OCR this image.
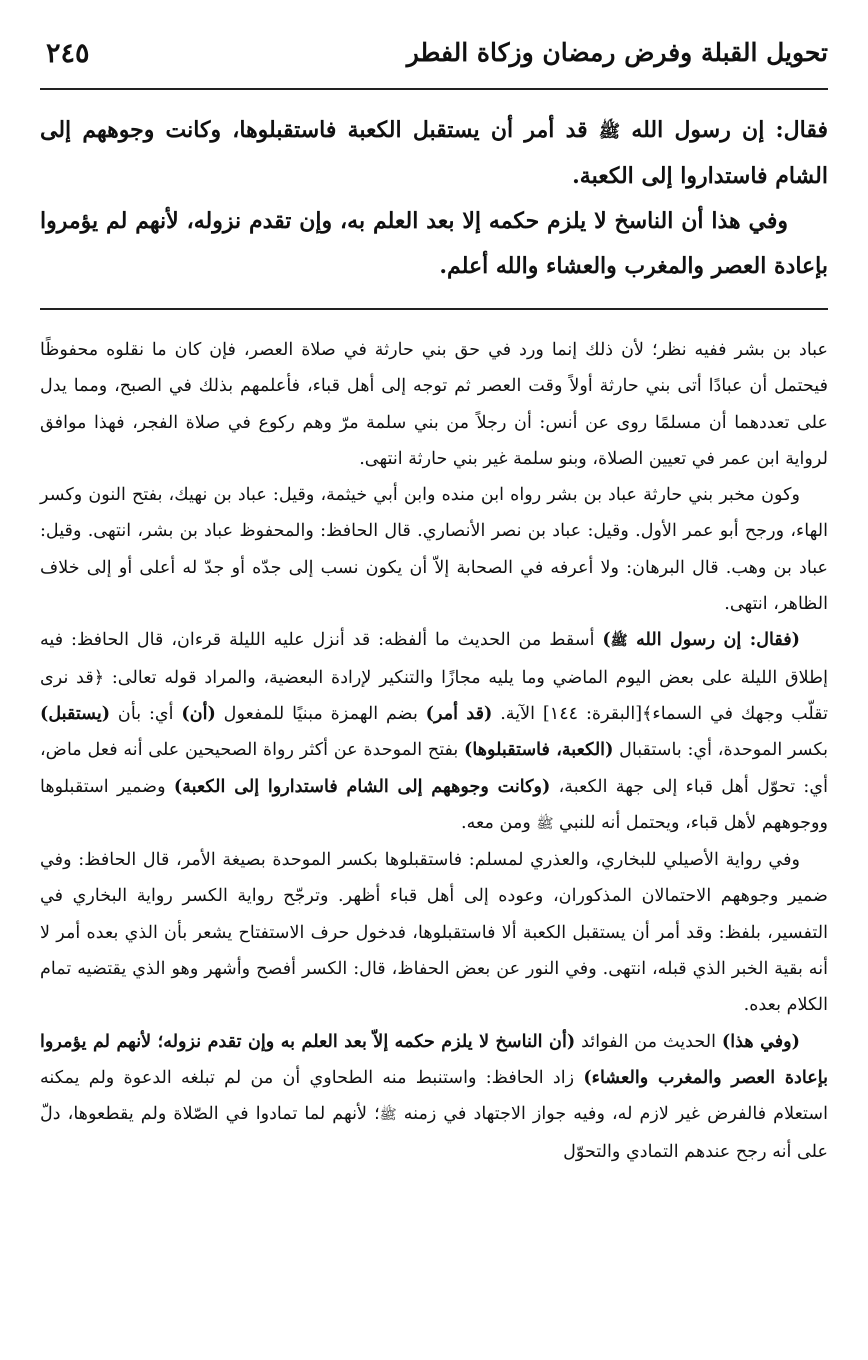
تحويل القبلة وفرض رمضان وزكاة الفطر
٢٤٥

فقال: إن رسول الله ﷺ قد أمر أن يستقبل الكعبة فاستقبلوها، وكانت وجوههم إلى الشام فاستداروا إلى الكعبة.

وفي هذا أن الناسخ لا يلزم حكمه إلا بعد العلم به، وإن تقدم نزوله، لأنهم لم يؤمروا بإعادة العصر والمغرب والعشاء والله أعلم.

عباد بن بشر ففيه نظر؛ لأن ذلك إنما ورد في حق بني حارثة في صلاة العصر، فإن كان ما نقلوه محفوظًا فيحتمل أن عبادًا أتى بني حارثة أولاً وقت العصر ثم توجه إلى أهل قباء، فأعلمهم بذلك في الصبح، ومما يدل على تعددهما أن مسلمًا روى عن أنس: أن رجلاً من بني سلمة مرّ وهم ركوع في صلاة الفجر، فهذا موافق لرواية ابن عمر في تعيين الصلاة، وبنو سلمة غير بني حارثة انتهى.

وكون مخبر بني حارثة عباد بن بشر رواه ابن منده وابن أبي خيثمة، وقيل: عباد بن نهيك، بفتح النون وكسر الهاء، ورجح أبو عمر الأول. وقيل: عباد بن نصر الأنصاري. قال الحافظ: والمحفوظ عباد بن بشر، انتهى. وقيل: عباد بن وهب. قال البرهان: ولا أعرفه في الصحابة إلاّ أن يكون نسب إلى جدّه أو جدّ له أعلى أو إلى خلاف الظاهر، انتهى.

(فقال: إن رسول الله ﷺ) أسقط من الحديث ما ألفظه: قد أنزل عليه الليلة قرءان، قال الحافظ: فيه إطلاق الليلة على بعض اليوم الماضي وما يليه مجازًا والتنكير لإرادة البعضية، والمراد قوله تعالى: ﴿قد نرى تقلّب وجهك في السماء﴾[البقرة: ١٤٤] الآية. (قد أمر) بضم الهمزة مبنيًا للمفعول (أن) أي: بأن (يستقبل) بكسر الموحدة، أي: باستقبال (الكعبة، فاستقبلوها) بفتح الموحدة عن أكثر رواة الصحيحين على أنه فعل ماض، أي: تحوّل أهل قباء إلى جهة الكعبة، (وكانت وجوههم إلى الشام فاستداروا إلى الكعبة) وضمير استقبلوها ووجوههم لأهل قباء، ويحتمل أنه للنبي ﷺ ومن معه.

وفي رواية الأصيلي للبخاري، والعذري لمسلم: فاستقبلوها بكسر الموحدة بصيغة الأمر، قال الحافظ: وفي ضمير وجوههم الاحتمالان المذكوران، وعوده إلى أهل قباء أظهر. وترجّح رواية الكسر رواية البخاري في التفسير، بلفظ: وقد أمر أن يستقبل الكعبة ألا فاستقبلوها، فدخول حرف الاستفتاح يشعر بأن الذي بعده أمر لا أنه بقية الخبر الذي قبله، انتهى. وفي النور عن بعض الحفاظ، قال: الكسر أفصح وأشهر وهو الذي يقتضيه تمام الكلام بعده.

(وفي هذا) الحديث من الفوائد (أن الناسخ لا يلزم حكمه إلاّ بعد العلم به وإن تقدم نزوله؛ لأنهم لم يؤمروا بإعادة العصر والمغرب والعشاء) زاد الحافظ: واستنبط منه الطحاوي أن من لم تبلغه الدعوة ولم يمكنه استعلام فالفرض غير لازم له، وفيه جواز الاجتهاد في زمنه ﷺ؛ لأنهم لما تمادوا في الصّلاة ولم يقطعوها، دلّ على أنه رجح عندهم التمادي والتحوّل
